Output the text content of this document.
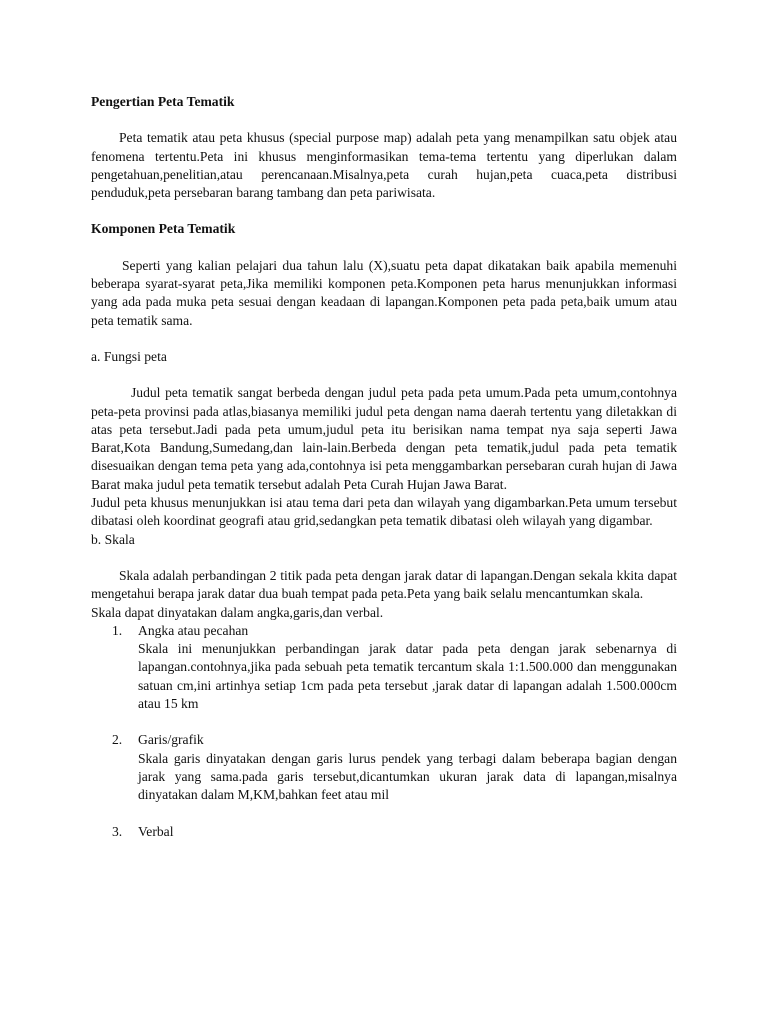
Pengertian Peta Tematik

Peta tematik atau peta khusus (special purpose map) adalah peta yang menampilkan satu objek atau fenomena tertentu.Peta ini khusus menginformasikan tema-tema tertentu yang diperlukan dalam pengetahuan,penelitian,atau perencanaan.Misalnya,peta curah hujan,peta cuaca,peta distribusi penduduk,peta persebaran barang tambang dan peta pariwisata.

Komponen Peta Tematik

Seperti yang kalian pelajari dua tahun lalu (X),suatu peta dapat dikatakan baik apabila memenuhi beberapa syarat-syarat peta,Jika memiliki komponen peta.Komponen peta harus menunjukkan informasi yang ada pada muka peta sesuai dengan keadaan di lapangan.Komponen peta pada peta,baik umum atau peta tematik sama.

a. Fungsi peta

Judul peta tematik sangat berbeda dengan judul peta pada peta umum.Pada peta umum,contohnya peta-peta provinsi pada atlas,biasanya memiliki judul peta dengan nama daerah tertentu yang diletakkan di atas peta tersebut.Jadi pada peta umum,judul peta itu berisikan nama tempat nya saja seperti Jawa Barat,Kota Bandung,Sumedang,dan lain-lain.Berbeda dengan peta tematik,judul pada peta tematik disesuaikan dengan tema peta yang ada,contohnya isi peta menggambarkan persebaran curah hujan di Jawa Barat maka judul peta tematik tersebut adalah Peta Curah Hujan Jawa Barat.

Judul peta khusus menunjukkan isi atau tema dari peta dan wilayah yang digambarkan.Peta umum tersebut dibatasi oleh koordinat geografi atau grid,sedangkan peta tematik dibatasi oleh wilayah yang digambar.

b. Skala

Skala adalah perbandingan 2 titik pada peta dengan jarak datar di lapangan.Dengan sekala kkita dapat mengetahui berapa jarak datar dua buah tempat pada peta.Peta yang baik selalu mencantumkan skala.

Skala dapat dinyatakan dalam angka,garis,dan verbal.

1. Angka atau pecahan

Skala ini menunjukkan perbandingan jarak datar pada peta dengan jarak sebenarnya di lapangan.contohnya,jika pada sebuah peta tematik tercantum skala 1:1.500.000 dan menggunakan satuan cm,ini artinhya setiap 1cm pada peta tersebut ,jarak datar di lapangan adalah 1.500.000cm atau 15 km

2. Garis/grafik

Skala garis dinyatakan dengan garis lurus pendek yang terbagi dalam beberapa bagian dengan jarak yang sama.pada garis tersebut,dicantumkan ukuran jarak data di lapangan,misalnya dinyatakan dalam M,KM,bahkan feet atau mil

3. Verbal
